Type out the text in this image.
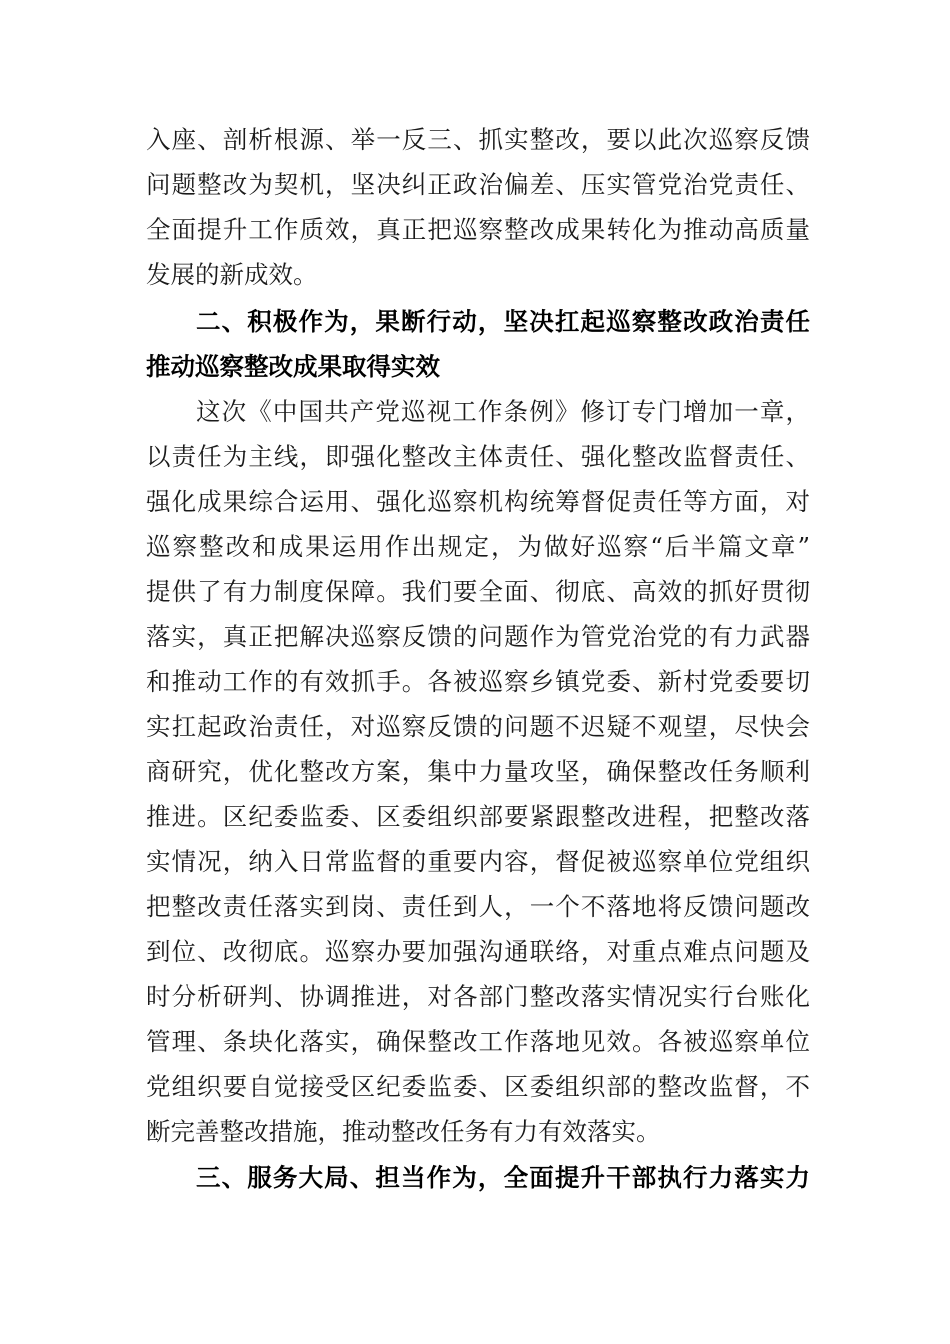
入座、剖析根源、举一反三、抓实整改，要以此次巡察反馈
问题整改为契机，坚决纠正政治偏差、压实管党治党责任、
全面提升工作质效，真正把巡察整改成果转化为推动高质量
发展的新成效。
二、积极作为，果断行动，坚决扛起巡察整改政治责任
推动巡察整改成果取得实效
这次《中国共产党巡视工作条例》修订专门增加一章，
以责任为主线，即强化整改主体责任、强化整改监督责任、
强化成果综合运用、强化巡察机构统筹督促责任等方面，对
巡察整改和成果运用作出规定，为做好巡察“后半篇文章”
提供了有力制度保障。我们要全面、彻底、高效的抓好贯彻
落实，真正把解决巡察反馈的问题作为管党治党的有力武器
和推动工作的有效抓手。各被巡察乡镇党委、新村党委要切
实扛起政治责任，对巡察反馈的问题不迟疑不观望，尽快会
商研究，优化整改方案，集中力量攻坚，确保整改任务顺利
推进。区纪委监委、区委组织部要紧跟整改进程，把整改落
实情况，纳入日常监督的重要内容，督促被巡察单位党组织
把整改责任落实到岗、责任到人，一个不落地将反馈问题改
到位、改彻底。巡察办要加强沟通联络，对重点难点问题及
时分析研判、协调推进，对各部门整改落实情况实行台账化
管理、条块化落实，确保整改工作落地见效。各被巡察单位
党组织要自觉接受区纪委监委、区委组织部的整改监督，不
断完善整改措施，推动整改任务有力有效落实。
三、服务大局、担当作为，全面提升干部执行力落实力
